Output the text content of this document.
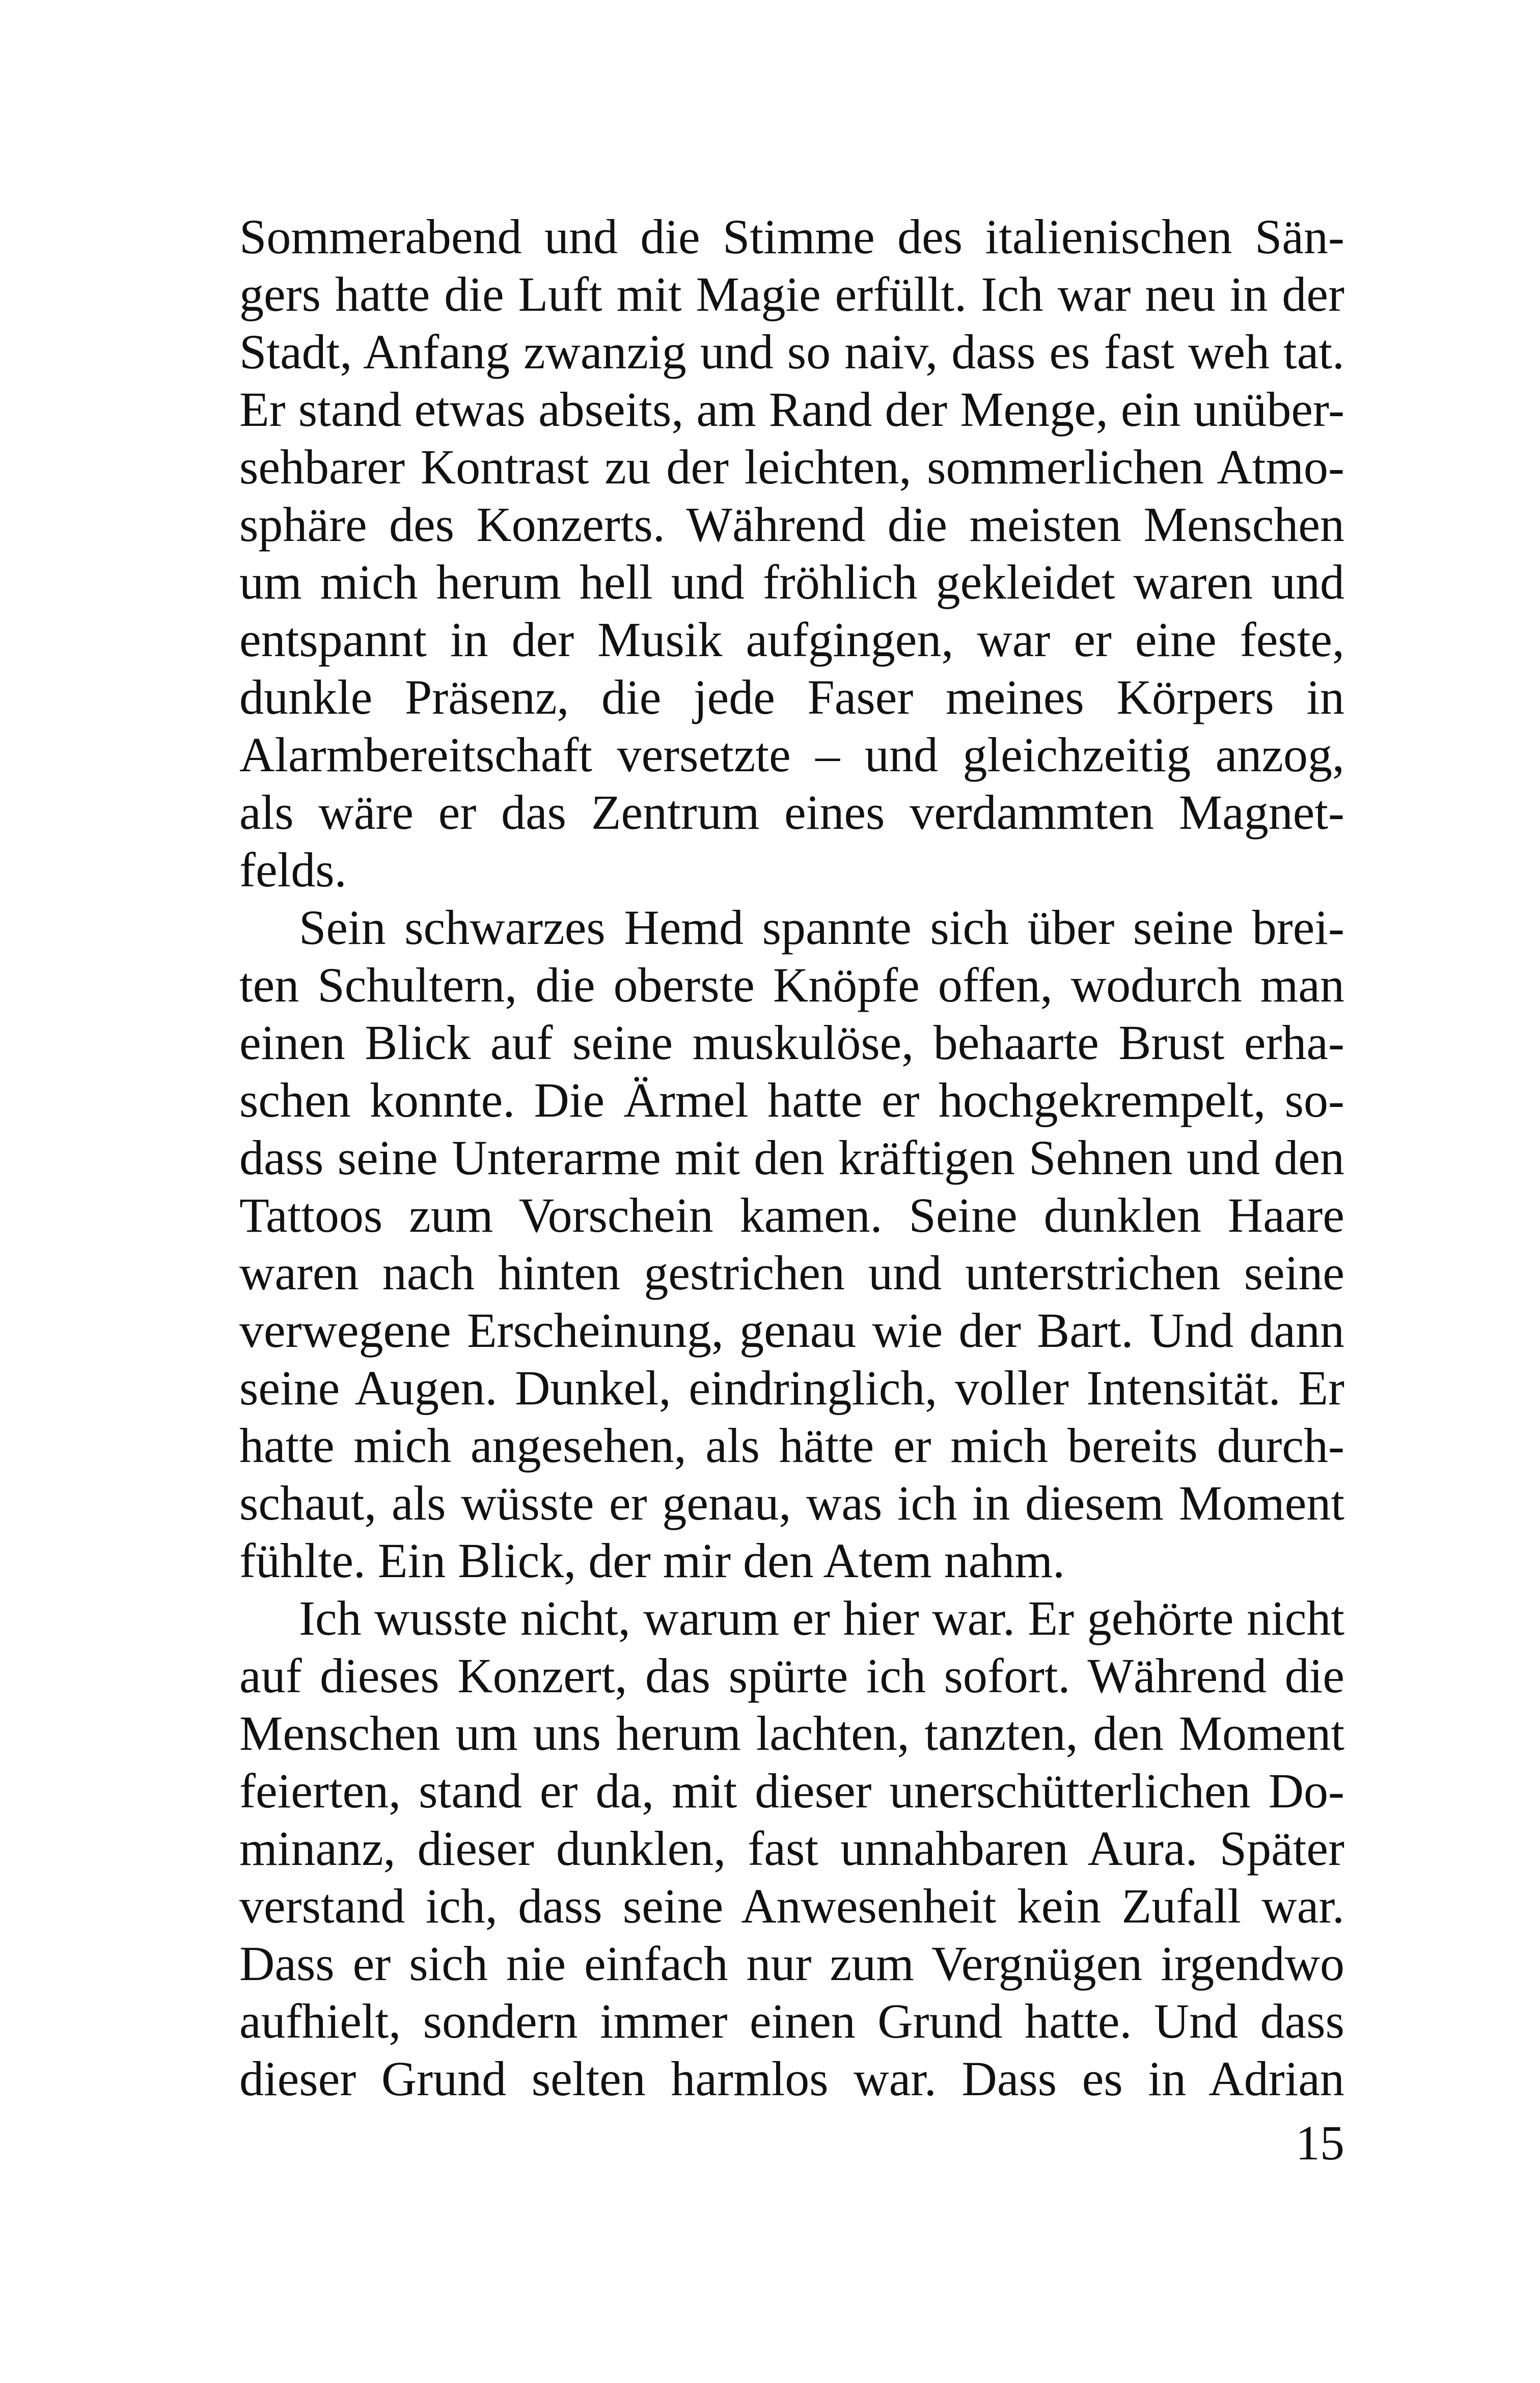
Sommerabend und die Stimme des italienischen Sän-
gers hatte die Luft mit Magie erfüllt. Ich war neu in der
Stadt, Anfang zwanzig und so naiv, dass es fast weh tat.
Er stand etwas abseits, am Rand der Menge, ein unüber-
sehbarer Kontrast zu der leichten, sommerlichen Atmo-
sphäre des Konzerts. Während die meisten Menschen
um mich herum hell und fröhlich gekleidet waren und
entspannt in der Musik aufgingen, war er eine feste,
dunkle Präsenz, die jede Faser meines Körpers in
Alarmbereitschaft versetzte – und gleichzeitig anzog,
als wäre er das Zentrum eines verdammten Magnet-
felds.
Sein schwarzes Hemd spannte sich über seine brei-
ten Schultern, die oberste Knöpfe offen, wodurch man
einen Blick auf seine muskulöse, behaarte Brust erha-
schen konnte. Die Ärmel hatte er hochgekrempelt, so-
dass seine Unterarme mit den kräftigen Sehnen und den
Tattoos zum Vorschein kamen. Seine dunklen Haare
waren nach hinten gestrichen und unterstrichen seine
verwegene Erscheinung, genau wie der Bart. Und dann
seine Augen. Dunkel, eindringlich, voller Intensität. Er
hatte mich angesehen, als hätte er mich bereits durch-
schaut, als wüsste er genau, was ich in diesem Moment
fühlte. Ein Blick, der mir den Atem nahm.
Ich wusste nicht, warum er hier war. Er gehörte nicht
auf dieses Konzert, das spürte ich sofort. Während die
Menschen um uns herum lachten, tanzten, den Moment
feierten, stand er da, mit dieser unerschütterlichen Do-
minanz, dieser dunklen, fast unnahbaren Aura. Später
verstand ich, dass seine Anwesenheit kein Zufall war.
Dass er sich nie einfach nur zum Vergnügen irgendwo
aufhielt, sondern immer einen Grund hatte. Und dass
dieser Grund selten harmlos war. Dass es in Adrian
15
